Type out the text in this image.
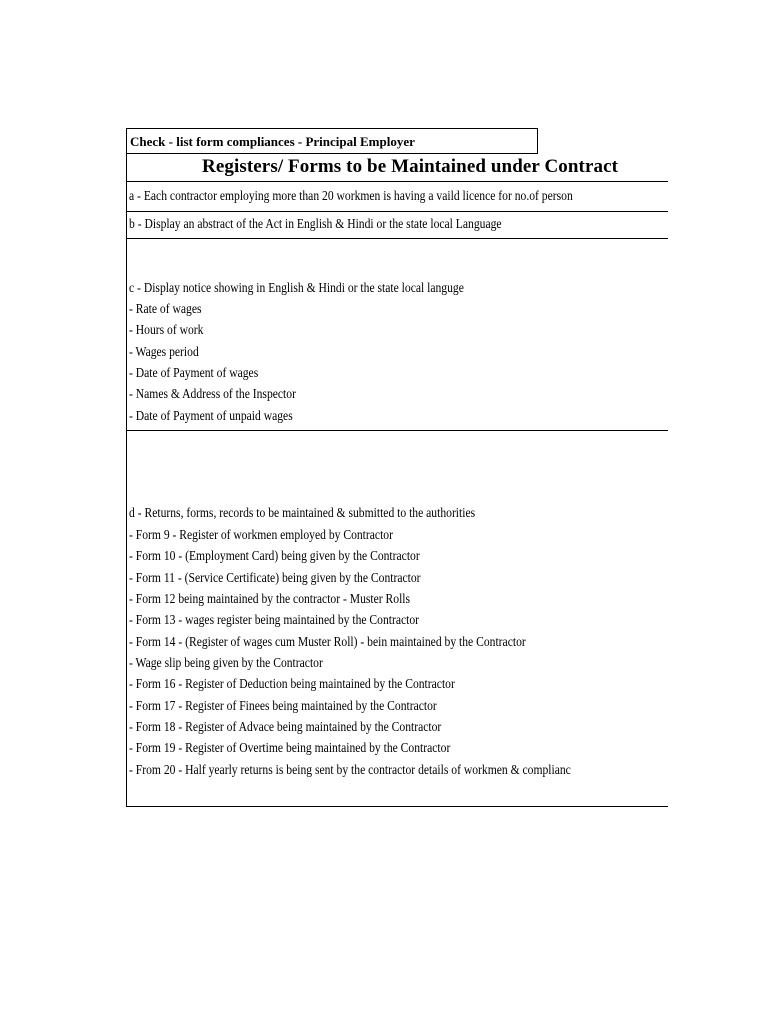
Check - list form compliances - Principal Employer
Registers/ Forms to be Maintained under Contract
a - Each contractor employing more than 20 workmen is having a vaild licence for no.of person
b - Display an abstract of the Act in English & Hindi or the state local Language
c - Display notice showing in English & Hindi or the state local languge
- Rate of wages
- Hours of work
- Wages period
- Date of Payment of wages
- Names & Address of the Inspector
- Date of Payment of unpaid wages
d - Returns, forms, records to be maintained & submitted to the authorities
- Form 9 - Register of workmen employed by Contractor
- Form 10 - (Employment Card) being given by the Contractor
- Form 11 - (Service Certificate) being given by the Contractor
- Form 12 being maintained by the contractor - Muster Rolls
- Form 13 - wages register being maintained by the Contractor
- Form 14 - (Register of wages cum Muster Roll) - bein maintained by the Contractor
- Wage slip being given by the Contractor
- Form 16 - Register of Deduction being maintained by the Contractor
- Form 17 - Register of Finees being maintained by the Contractor
- Form 18 - Register of Advace being maintained by the Contractor
- Form 19 - Register of Overtime being maintained by the Contractor
- From 20 - Half yearly returns is being sent by the contractor details of workmen & complianc
